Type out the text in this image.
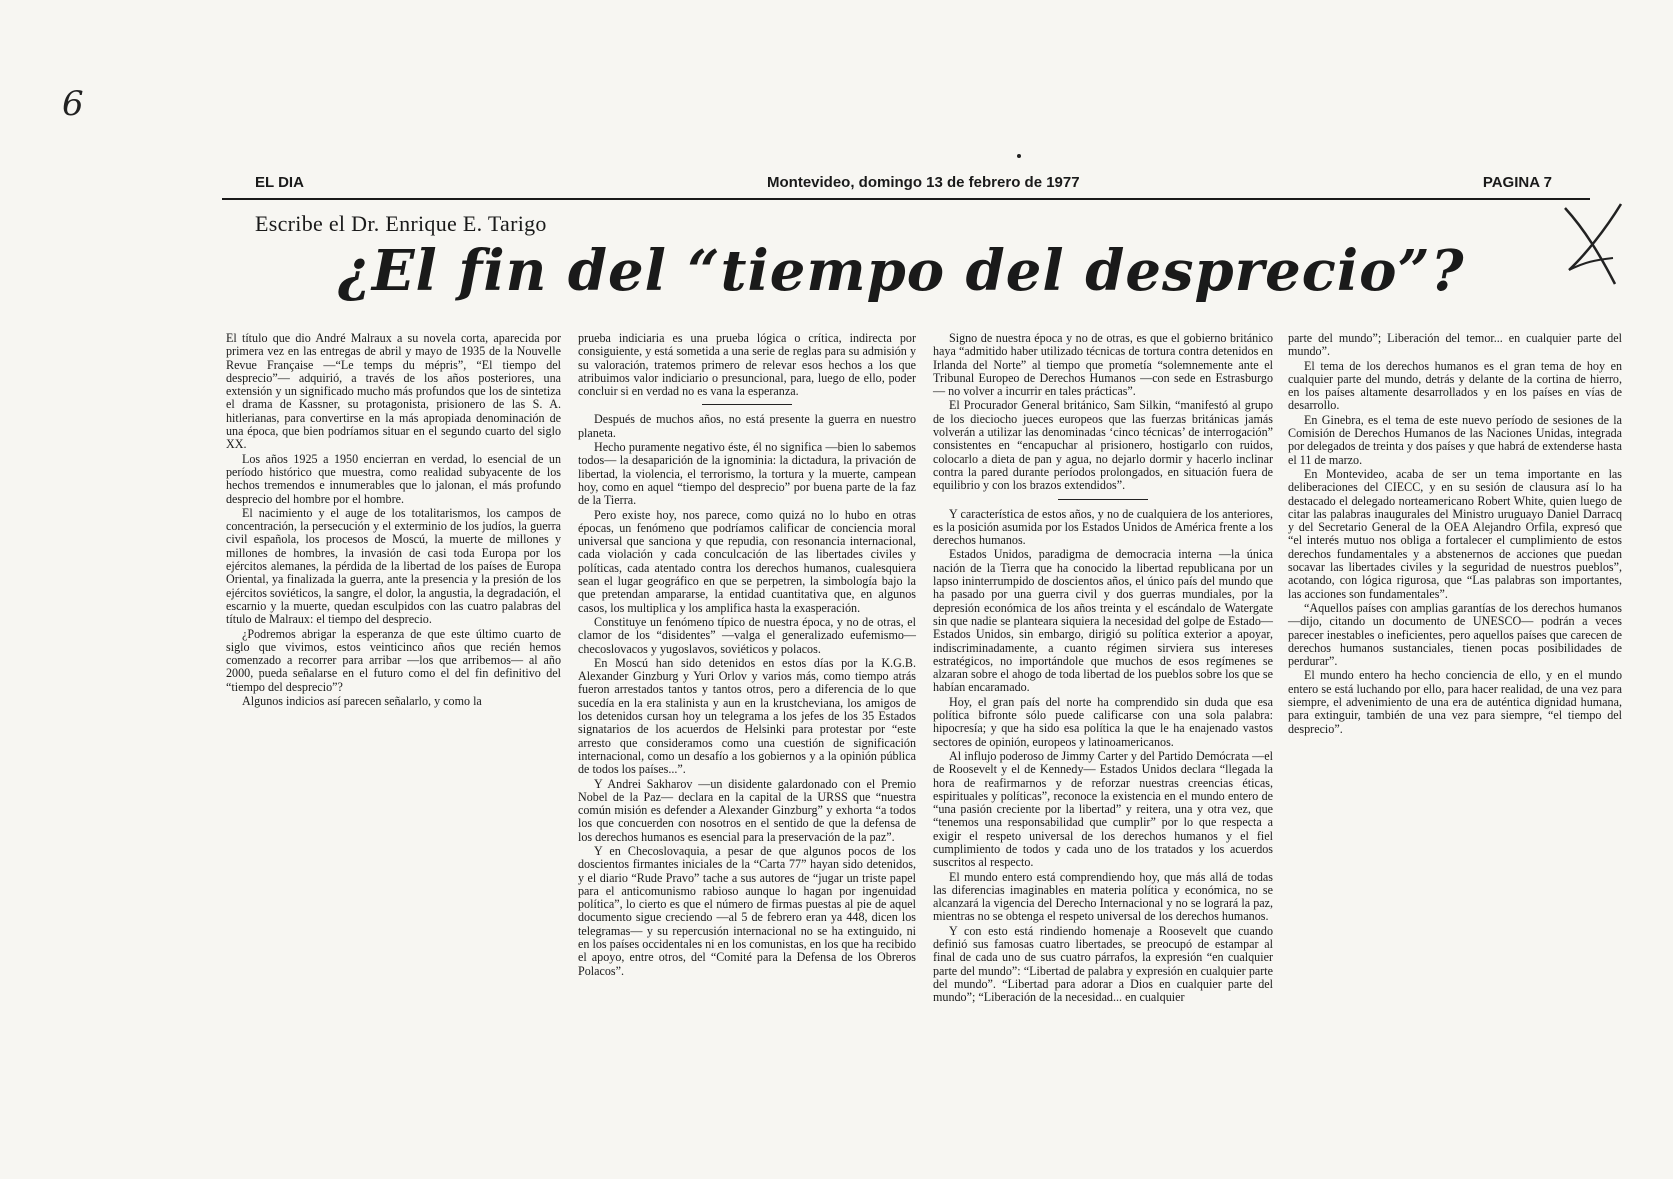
6
EL DIA	Montevideo, domingo 13 de febrero de 1977	PAGINA 7
Escribe el Dr. Enrique E. Tarigo
¿El fin del “tiempo del desprecio”?

El título que dio André Malraux a su novela corta, aparecida por primera vez en las entregas de abril y mayo de 1935 de la Nouvelle Revue Française —“Le temps du mépris”, “El tiempo del desprecio”— adquirió, a través de los años posteriores, una extensión y un significado mucho más profundos que los de sintetiza el drama de Kassner, su protagonista, prisionero de las S. A. hitlerianas, para convertirse en la más apropiada denominación de una época, que bien podríamos situar en el segundo cuarto del siglo XX.

Los años 1925 a 1950 encierran en verdad, lo esencial de un período histórico que muestra, como realidad subyacente de los hechos tremendos e innumerables que lo jalonan, el más profundo desprecio del hombre por el hombre.

El nacimiento y el auge de los totalitarismos, los campos de concentración, la persecución y el exterminio de los judíos, la guerra civil española, los procesos de Moscú, la muerte de millones y millones de hombres, la invasión de casi toda Europa por los ejércitos alemanes, la pérdida de la libertad de los países de Europa Oriental, ya finalizada la guerra, ante la presencia y la presión de los ejércitos soviéticos, la sangre, el dolor, la angustia, la degradación, el escarnio y la muerte, quedan esculpidos con las cuatro palabras del título de Malraux: el tiempo del desprecio.

¿Podremos abrigar la esperanza de que este último cuarto de siglo que vivimos, estos veinticinco años que recién hemos comenzado a recorrer para arribar —los que arribemos— al año 2000, pueda señalarse en el futuro como el del fin definitivo del “tiempo del desprecio”?

Algunos indicios así parecen señalarlo, y como la

prueba indiciaria es una prueba lógica o crítica, indirecta por consiguiente, y está sometida a una serie de reglas para su admisión y su valoración, tratemos primero de relevar esos hechos a los que atribuimos valor indiciario o presuncional, para, luego de ello, poder concluir si en verdad no es vana la esperanza.

Después de muchos años, no está presente la guerra en nuestro planeta.

Hecho puramente negativo éste, él no significa —bien lo sabemos todos— la desaparición de la ignominia: la dictadura, la privación de libertad, la violencia, el terrorismo, la tortura y la muerte, campean hoy, como en aquel “tiempo del desprecio” por buena parte de la faz de la Tierra.

Pero existe hoy, nos parece, como quizá no lo hubo en otras épocas, un fenómeno que podríamos calificar de conciencia moral universal que sanciona y que repudia, con resonancia internacional, cada violación y cada conculcación de las libertades civiles y políticas, cada atentado contra los derechos humanos, cualesquiera sean el lugar geográfico en que se perpetren, la simbología bajo la que pretendan ampararse, la entidad cuantitativa que, en algunos casos, los multiplica y los amplifica hasta la exasperación.

Constituye un fenómeno típico de nuestra época, y no de otras, el clamor de los “disidentes” —valga el generalizado eufemismo— checoslovacos y yugoslavos, soviéticos y polacos.

En Moscú han sido detenidos en estos días por la K.G.B. Alexander Ginzburg y Yuri Orlov y varios más, como tiempo atrás fueron arrestados tantos y tantos otros, pero a diferencia de lo que sucedía en la era stalinista y aun en la krustcheviana, los amigos de los detenidos cursan hoy un telegrama a los jefes de los 35 Estados signatarios de los acuerdos de Helsinki para protestar por “este arresto que consideramos como una cuestión de significación internacional, como un desafío a los gobiernos y a la opinión pública de todos los países...”.

Y Andrei Sakharov —un disidente galardonado con el Premio Nobel de la Paz— declara en la capital de la URSS que “nuestra común misión es defender a Alexander Ginzburg” y exhorta “a todos los que concuerden con nosotros en el sentido de que la defensa de los derechos humanos es esencial para la preservación de la paz”.

Y en Checoslovaquia, a pesar de que algunos pocos de los doscientos firmantes iniciales de la “Carta 77” hayan sido detenidos, y el diario “Rude Pravo” tache a sus autores de “jugar un triste papel para el anticomunismo rabioso aunque lo hagan por ingenuidad política”, lo cierto es que el número de firmas puestas al pie de aquel documento sigue creciendo —al 5 de febrero eran ya 448, dicen los telegramas— y su repercusión internacional no se ha extinguido, ni en los países occidentales ni en los comunistas, en los que ha recibido el apoyo, entre otros, del “Comité para la Defensa de los Obreros Polacos”.

Signo de nuestra época y no de otras, es que el gobierno británico haya “admitido haber utilizado técnicas de tortura contra detenidos en Irlanda del Norte” al tiempo que prometía “solemnemente ante el Tribunal Europeo de Derechos Humanos —con sede en Estrasburgo— no volver a incurrir en tales prácticas”.

El Procurador General británico, Sam Silkin, “manifestó al grupo de los dieciocho jueces europeos que las fuerzas británicas jamás volverán a utilizar las denominadas ‘cinco técnicas’ de interrogación” consistentes en “encapuchar al prisionero, hostigarlo con ruidos, colocarlo a dieta de pan y agua, no dejarlo dormir y hacerlo inclinar contra la pared durante períodos prolongados, en situación fuera de equilibrio y con los brazos extendidos”.

Y característica de estos años, y no de cualquiera de los anteriores, es la posición asumida por los Estados Unidos de América frente a los derechos humanos.

Estados Unidos, paradigma de democracia interna —la única nación de la Tierra que ha conocido la libertad republicana por un lapso ininterrumpido de doscientos años, el único país del mundo que ha pasado por una guerra civil y dos guerras mundiales, por la depresión económica de los años treinta y el escándalo de Watergate sin que nadie se planteara siquiera la necesidad del golpe de Estado— Estados Unidos, sin embargo, dirigió su política exterior a apoyar, indiscriminadamente, a cuanto régimen sirviera sus intereses estratégicos, no importándole que muchos de esos regímenes se alzaran sobre el ahogo de toda libertad de los pueblos sobre los que se habían encaramado.

Hoy, el gran país del norte ha comprendido sin duda que esa política bifronte sólo puede calificarse con una sola palabra: hipocresía; y que ha sido esa política la que le ha enajenado vastos sectores de opinión, europeos y latinoamericanos.

Al influjo poderoso de Jimmy Carter y del Partido Demócrata —el de Roosevelt y el de Kennedy— Estados Unidos declara “llegada la hora de reafirmarnos y de reforzar nuestras creencias éticas, espirituales y políticas”, reconoce la existencia en el mundo entero de “una pasión creciente por la libertad” y reitera, una y otra vez, que “tenemos una responsabilidad que cumplir” por lo que respecta a exigir el respeto universal de los derechos humanos y el fiel cumplimiento de todos y cada uno de los tratados y los acuerdos suscritos al respecto.

El mundo entero está comprendiendo hoy, que más allá de todas las diferencias imaginables en materia política y económica, no se alcanzará la vigencia del Derecho Internacional y no se logrará la paz, mientras no se obtenga el respeto universal de los derechos humanos.

Y con esto está rindiendo homenaje a Roosevelt que cuando definió sus famosas cuatro libertades, se preocupó de estampar al final de cada uno de sus cuatro párrafos, la expresión “en cualquier parte del mundo”: “Libertad de palabra y expresión en cualquier parte del mundo”. “Libertad para adorar a Dios en cualquier parte del mundo”; “Liberación de la necesidad... en cualquier

parte del mundo”; Liberación del temor... en cualquier parte del mundo”.

El tema de los derechos humanos es el gran tema de hoy en cualquier parte del mundo, detrás y delante de la cortina de hierro, en los países altamente desarrollados y en los países en vías de desarrollo.

En Ginebra, es el tema de este nuevo período de sesiones de la Comisión de Derechos Humanos de las Naciones Unidas, integrada por delegados de treinta y dos países y que habrá de extenderse hasta el 11 de marzo.

En Montevideo, acaba de ser un tema importante en las deliberaciones del CIECC, y en su sesión de clausura así lo ha destacado el delegado norteamericano Robert White, quien luego de citar las palabras inaugurales del Ministro uruguayo Daniel Darracq y del Secretario General de la OEA Alejandro Orfila, expresó que “el interés mutuo nos obliga a fortalecer el cumplimiento de estos derechos fundamentales y a abstenernos de acciones que puedan socavar las libertades civiles y la seguridad de nuestros pueblos”, acotando, con lógica rigurosa, que “Las palabras son importantes, las acciones son fundamentales”.

“Aquellos países con amplias garantías de los derechos humanos —dijo, citando un documento de UNESCO— podrán a veces parecer inestables o ineficientes, pero aquellos países que carecen de derechos humanos sustanciales, tienen pocas posibilidades de perdurar”.

El mundo entero ha hecho conciencia de ello, y en el mundo entero se está luchando por ello, para hacer realidad, de una vez para siempre, el advenimiento de una era de auténtica dignidad humana, para extinguir, también de una vez para siempre, “el tiempo del desprecio”.
